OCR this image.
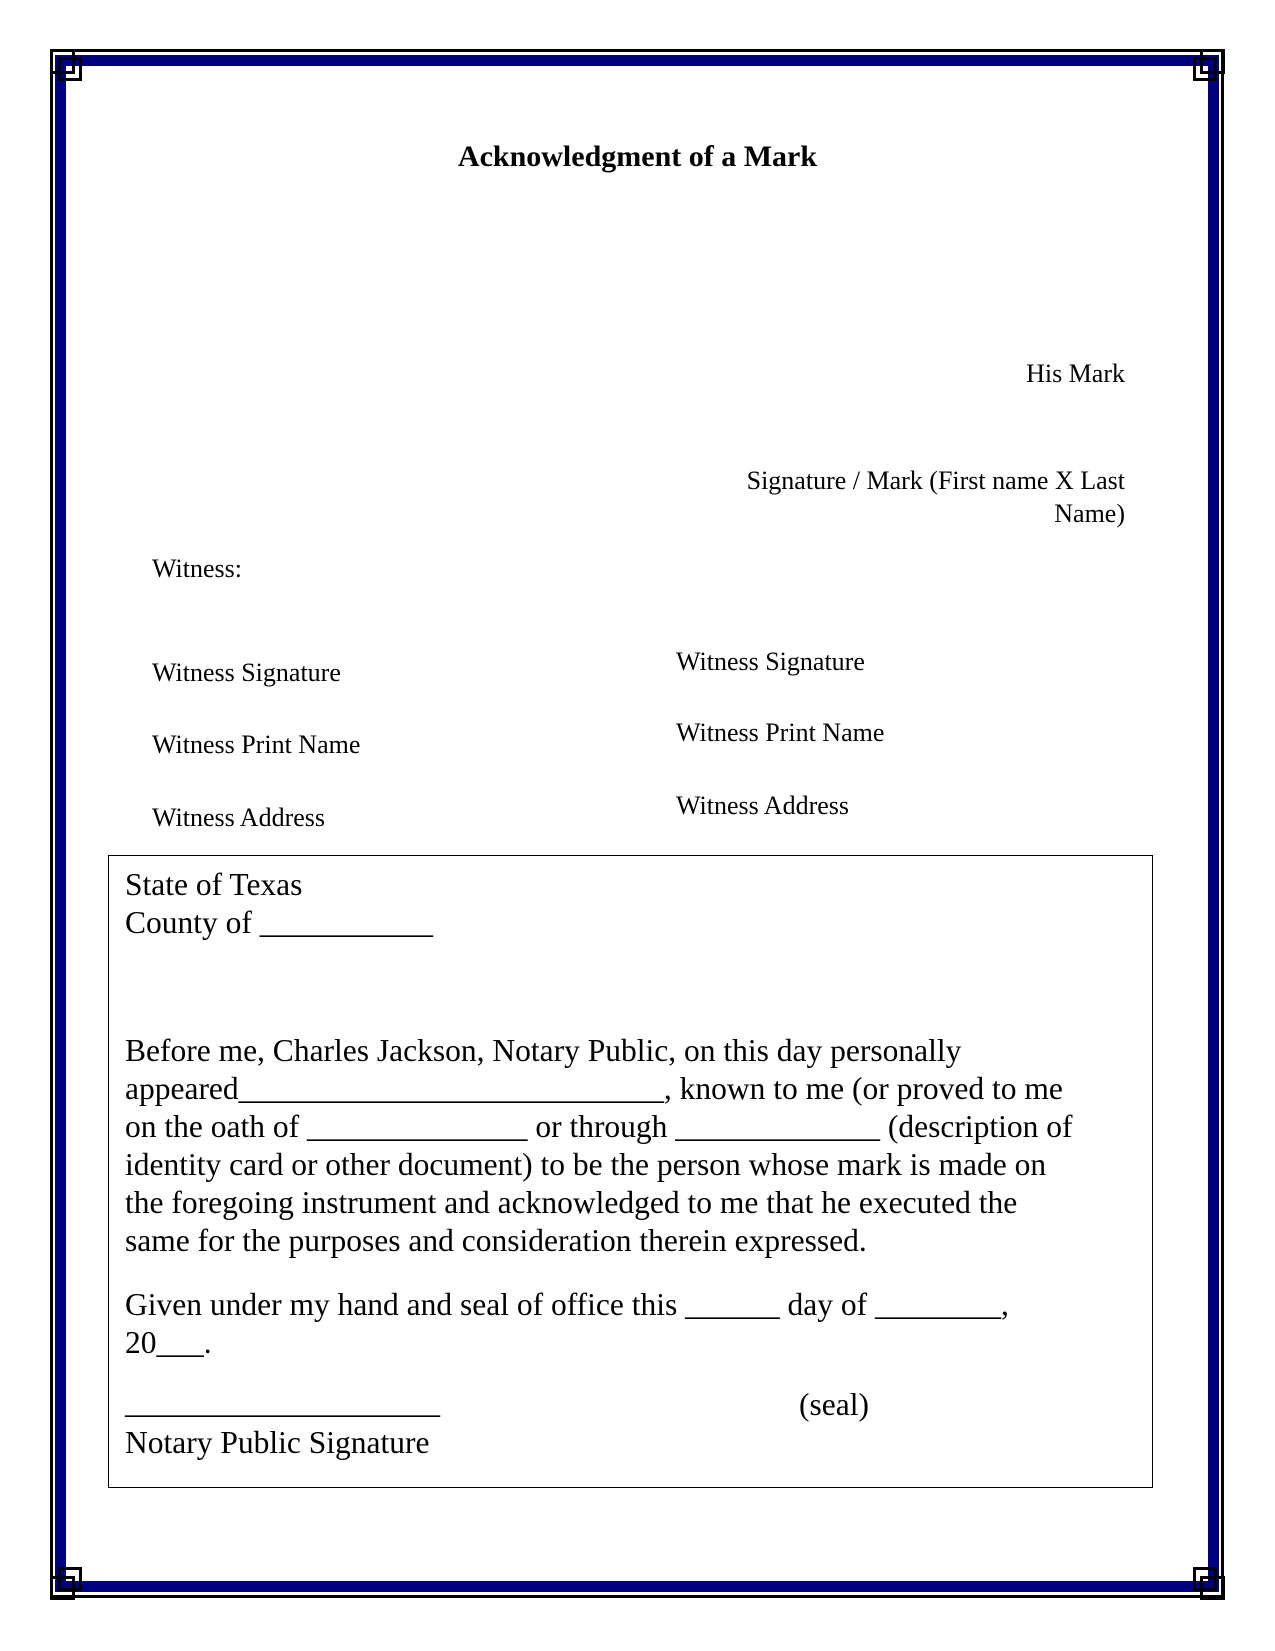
Acknowledgment of a Mark
His Mark
Signature / Mark (First name X Last
Name)
Witness:
Witness Signature
Witness Print Name
Witness Address
Witness Signature
Witness Print Name
Witness Address
State of Texas
County of ___________
Before me, Charles Jackson, Notary Public, on this day personally
appeared___________________________, known to me (or proved to me
on the oath of ______________ or through _____________ (description of
identity card or other document) to be the person whose mark is made on
the foregoing instrument and acknowledged to me that he executed the
same for the purposes and consideration therein expressed.
Given under my hand and seal of office this ______ day of ________,
20___.
____________________	(seal)
Notary Public Signature
